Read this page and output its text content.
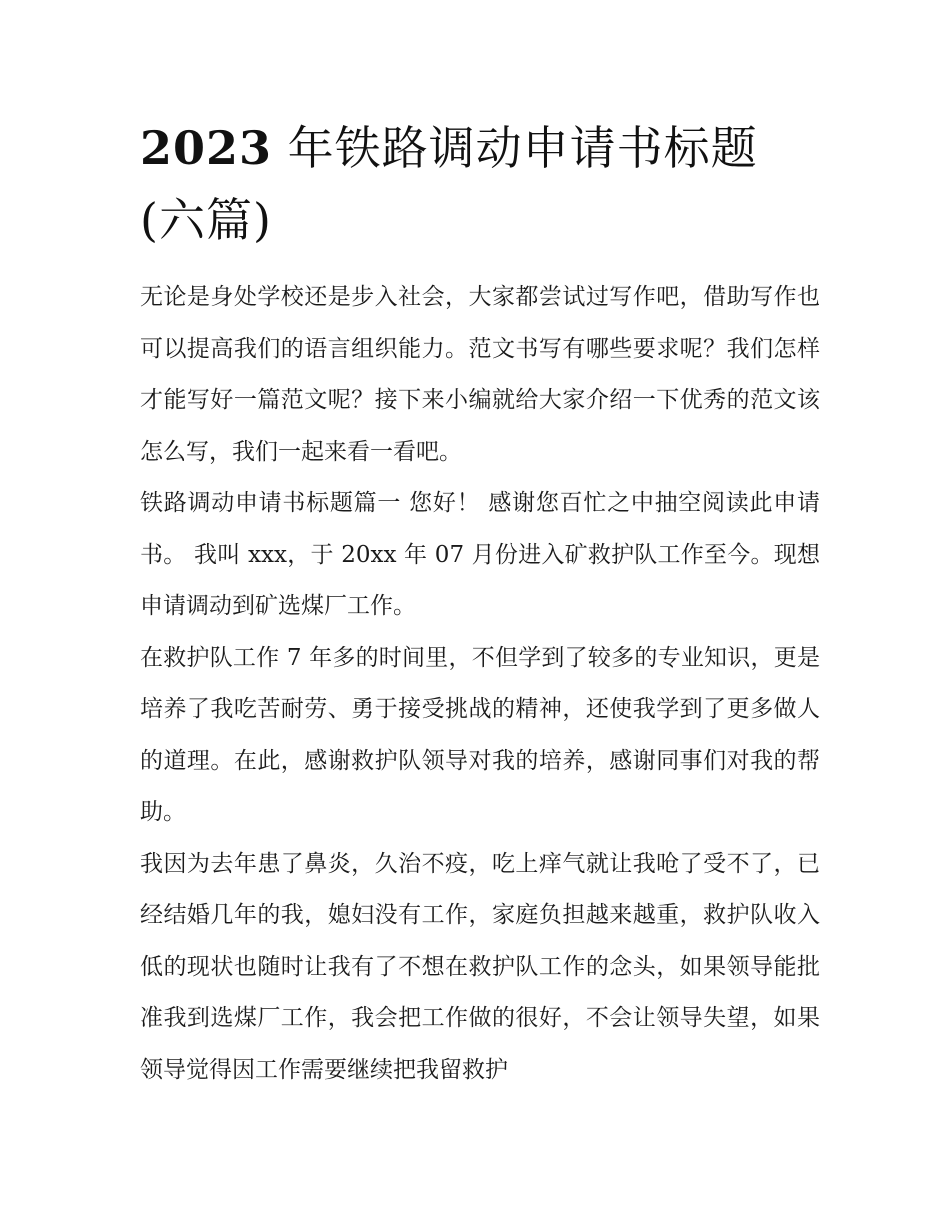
2023 年铁路调动申请书标题(六篇)

无论是身处学校还是步入社会，大家都尝试过写作吧，借助写作也可以提高我们的语言组织能力。范文书写有哪些要求呢？我们怎样才能写好一篇范文呢？接下来小编就给大家介绍一下优秀的范文该怎么写，我们一起来看一看吧。

铁路调动申请书标题篇一 您好！ 感谢您百忙之中抽空阅读此申请书。 我叫 xxx，于 20xx 年 07 月份进入矿救护队工作至今。现想申请调动到矿选煤厂工作。

在救护队工作 7 年多的时间里，不但学到了较多的专业知识，更是培养了我吃苦耐劳、勇于接受挑战的精神，还使我学到了更多做人的道理。在此，感谢救护队领导对我的培养，感谢同事们对我的帮助。

我因为去年患了鼻炎，久治不疫，吃上痒气就让我呛了受不了，已经结婚几年的我，媳妇没有工作，家庭负担越来越重，救护队收入低的现状也随时让我有了不想在救护队工作的念头，如果领导能批准我到选煤厂工作，我会把工作做的很好，不会让领导失望，如果领导觉得因工作需要继续把我留救护
